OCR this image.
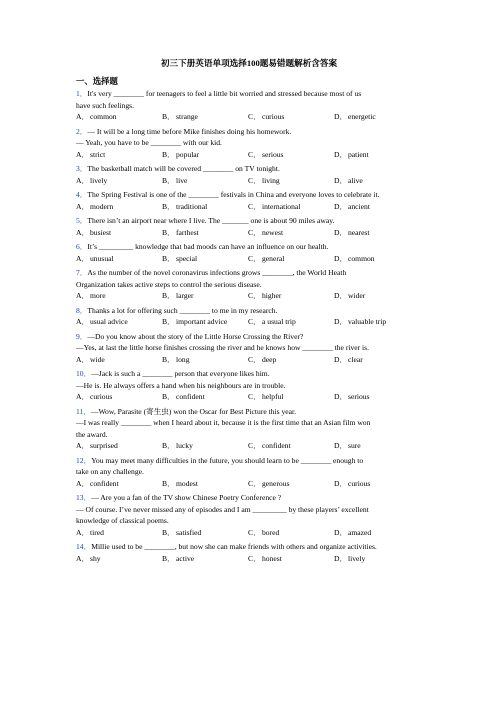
初三下册英语单项选择100题易错题解析含答案
一、选择题
1．It's very ________ for teenagers to feel a little bit worried and stressed because most of us
have such feelings.
A．common	B．strange	C．curious	D．energetic
2．— It will be a long time before Mike finishes doing his homework.
— Yeah, you have to be ________ with our kid.
A．strict	B．popular	C．serious	D．patient
3．The basketball match will be covered ________ on TV tonight.
A．lively	B．live	C．living	D．alive
4．The Spring Festival is one of the ________ festivals in China and everyone loves to celebrate it.
A．modern	B．traditional	C．international	D．ancient
5．There isn’t an airport near where I live. The _______ one is about 90 miles away.
A．busiest	B．farthest	C．newest	D．nearest
6．It’s _________ knowledge that bad moods can have an influence on our health.
A．unusual	B．special	C．general	D．common
7．As the number of the novel coronavirus infections grows ________, the World Heath
Organization takes active steps to control the serious disease.
A．more	B．larger	C．higher	D．wider
8．Thanks a lot for offering such ________ to me in my research.
A．usual advice	B．important advice	C．a usual trip	D．valuable trip
9．—Do you know about the story of the Little Horse Crossing the River?
—Yes, at last the little horse finishes crossing the river and he knows how ________ the river is.
A．wide	B．long	C．deep	D．clear
10．—Jack is such a ________ person that everyone likes him.
—He is. He always offers a hand when his neighbours are in trouble.
A．curious	B．confident	C．helpful	D．serious
11．—Wow, Parasite (寄生虫) won the Oscar for Best Picture this year.
—I was really ________ when I heard about it, because it is the first time that an Asian film won
the award.
A．surprised	B．lucky	C．confident	D．sure
12．You may meet many difficulties in the future, you should learn to be ________ enough to
take on any challenge.
A．confident	B．modest	C．generous	D．curious
13．— Are you a fan of the TV show Chinese Poetry Conference ?
— Of course. I’ve never missed any of episodes and I am _________ by these players’ excellent
knowledge of classical poems.
A．tired	B．satisfied	C．bored	D．amazed
14．Millie used to be ________, but now she can make friends with others and organize activities.
A．shy	B．active	C．honest	D．lively
